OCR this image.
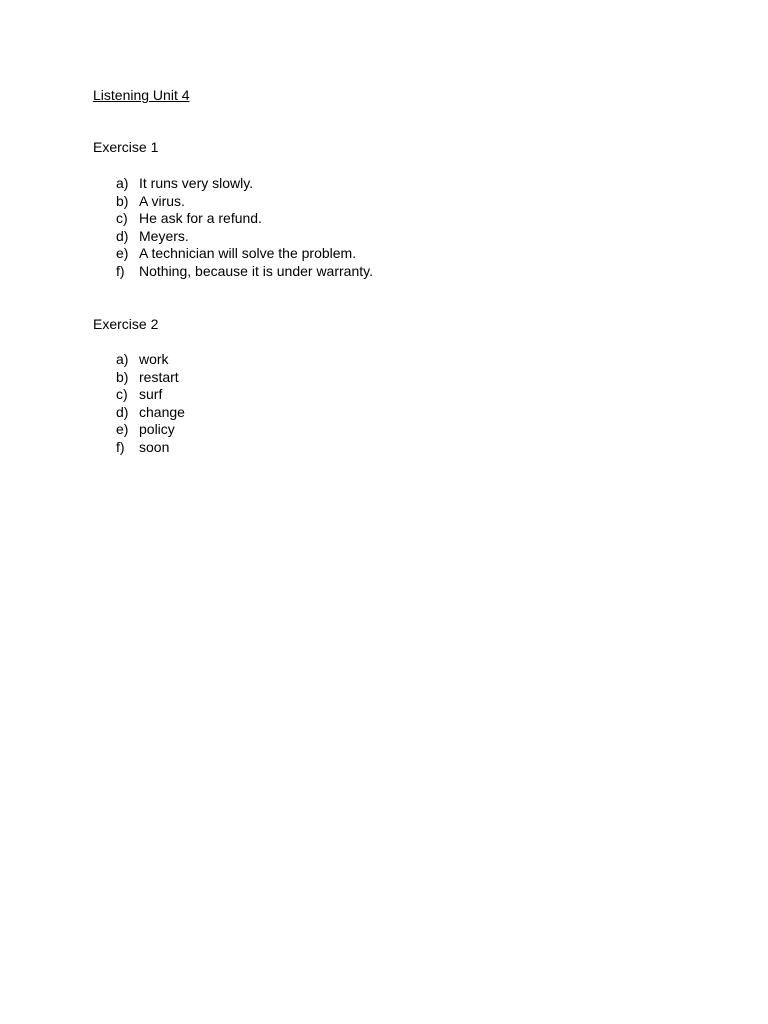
Listening Unit 4
Exercise 1
a) It runs very slowly.
b) A virus.
c) He ask for a refund.
d) Meyers.
e) A technician will solve the problem.
f) Nothing, because it is under warranty.
Exercise 2
a) work
b) restart
c) surf
d) change
e) policy
f) soon
